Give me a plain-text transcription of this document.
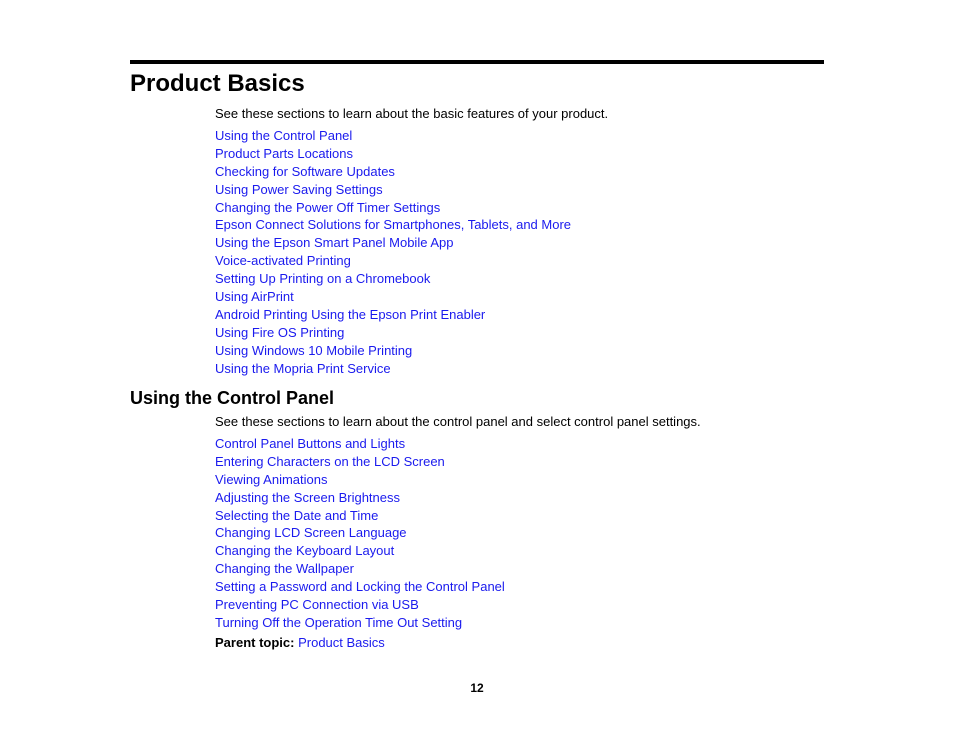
Product Basics

See these sections to learn about the basic features of your product.

Using the Control Panel
Product Parts Locations
Checking for Software Updates
Using Power Saving Settings
Changing the Power Off Timer Settings
Epson Connect Solutions for Smartphones, Tablets, and More
Using the Epson Smart Panel Mobile App
Voice-activated Printing
Setting Up Printing on a Chromebook
Using AirPrint
Android Printing Using the Epson Print Enabler
Using Fire OS Printing
Using Windows 10 Mobile Printing
Using the Mopria Print Service
Using the Control Panel

See these sections to learn about the control panel and select control panel settings.

Control Panel Buttons and Lights
Entering Characters on the LCD Screen
Viewing Animations
Adjusting the Screen Brightness
Selecting the Date and Time
Changing LCD Screen Language
Changing the Keyboard Layout
Changing the Wallpaper
Setting a Password and Locking the Control Panel
Preventing PC Connection via USB
Turning Off the Operation Time Out Setting

Parent topic: Product Basics

12
